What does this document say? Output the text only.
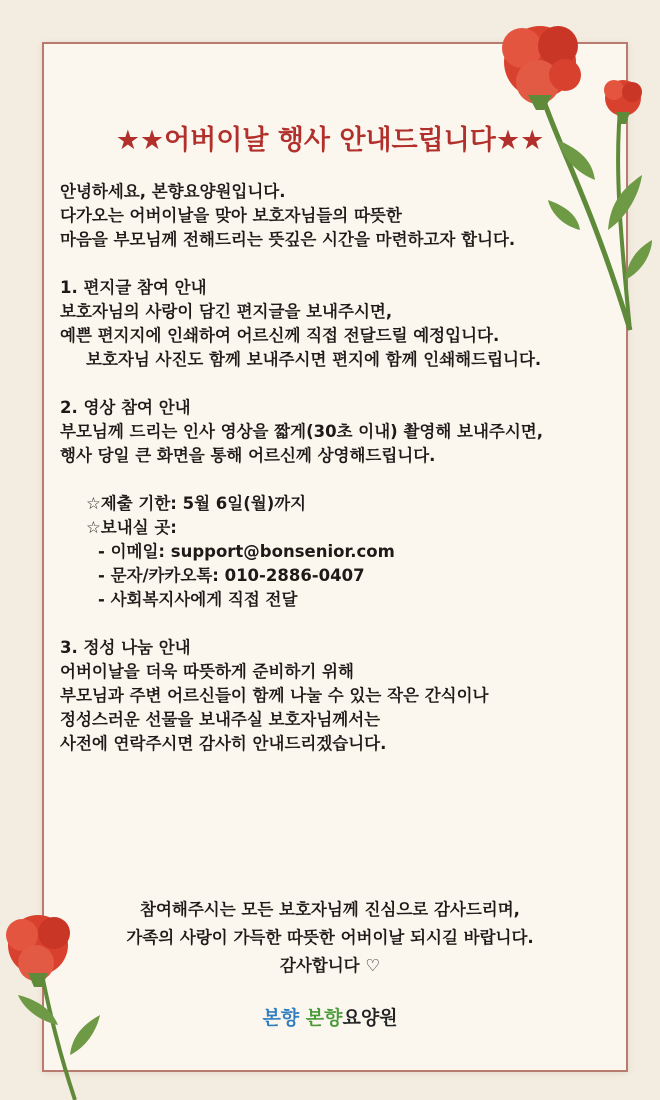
★★어버이날 행사 안내드립니다★★
안녕하세요, 본향요양원입니다.
다가오는 어버이날을 맞아 보호자님들의 따뜻한
마음을 부모님께 전해드리는 뜻깊은 시간을 마련하고자 합니다.
1. 편지글 참여 안내
보호자님의 사랑이 담긴 편지글을 보내주시면,
예쁜 편지지에 인쇄하여 어르신께 직접 전달드릴 예정입니다.
보호자님 사진도 함께 보내주시면 편지에 함께 인쇄해드립니다.
2. 영상 참여 안내
부모님께 드리는 인사 영상을 짧게(30초 이내) 촬영해 보내주시면,
행사 당일 큰 화면을 통해 어르신께 상영해드립니다.
☆제출 기한: 5월 6일(월)까지
☆보내실 곳:
- 이메일: support@bonsenior.com
- 문자/카카오톡: 010-2886-0407
- 사회복지사에게 직접 전달
3. 정성 나눔 안내
어버이날을 더욱 따뜻하게 준비하기 위해
부모님과 주변 어르신들이 함께 나눌 수 있는 작은 간식이나
정성스러운 선물을 보내주실 보호자님께서는
사전에 연락주시면 감사히 안내드리겠습니다.
참여해주시는 모든 보호자님께 진심으로 감사드리며,
가족의 사랑이 가득한 따뜻한 어버이날 되시길 바랍니다.
감사합니다 ♡
본향 본향요양원
